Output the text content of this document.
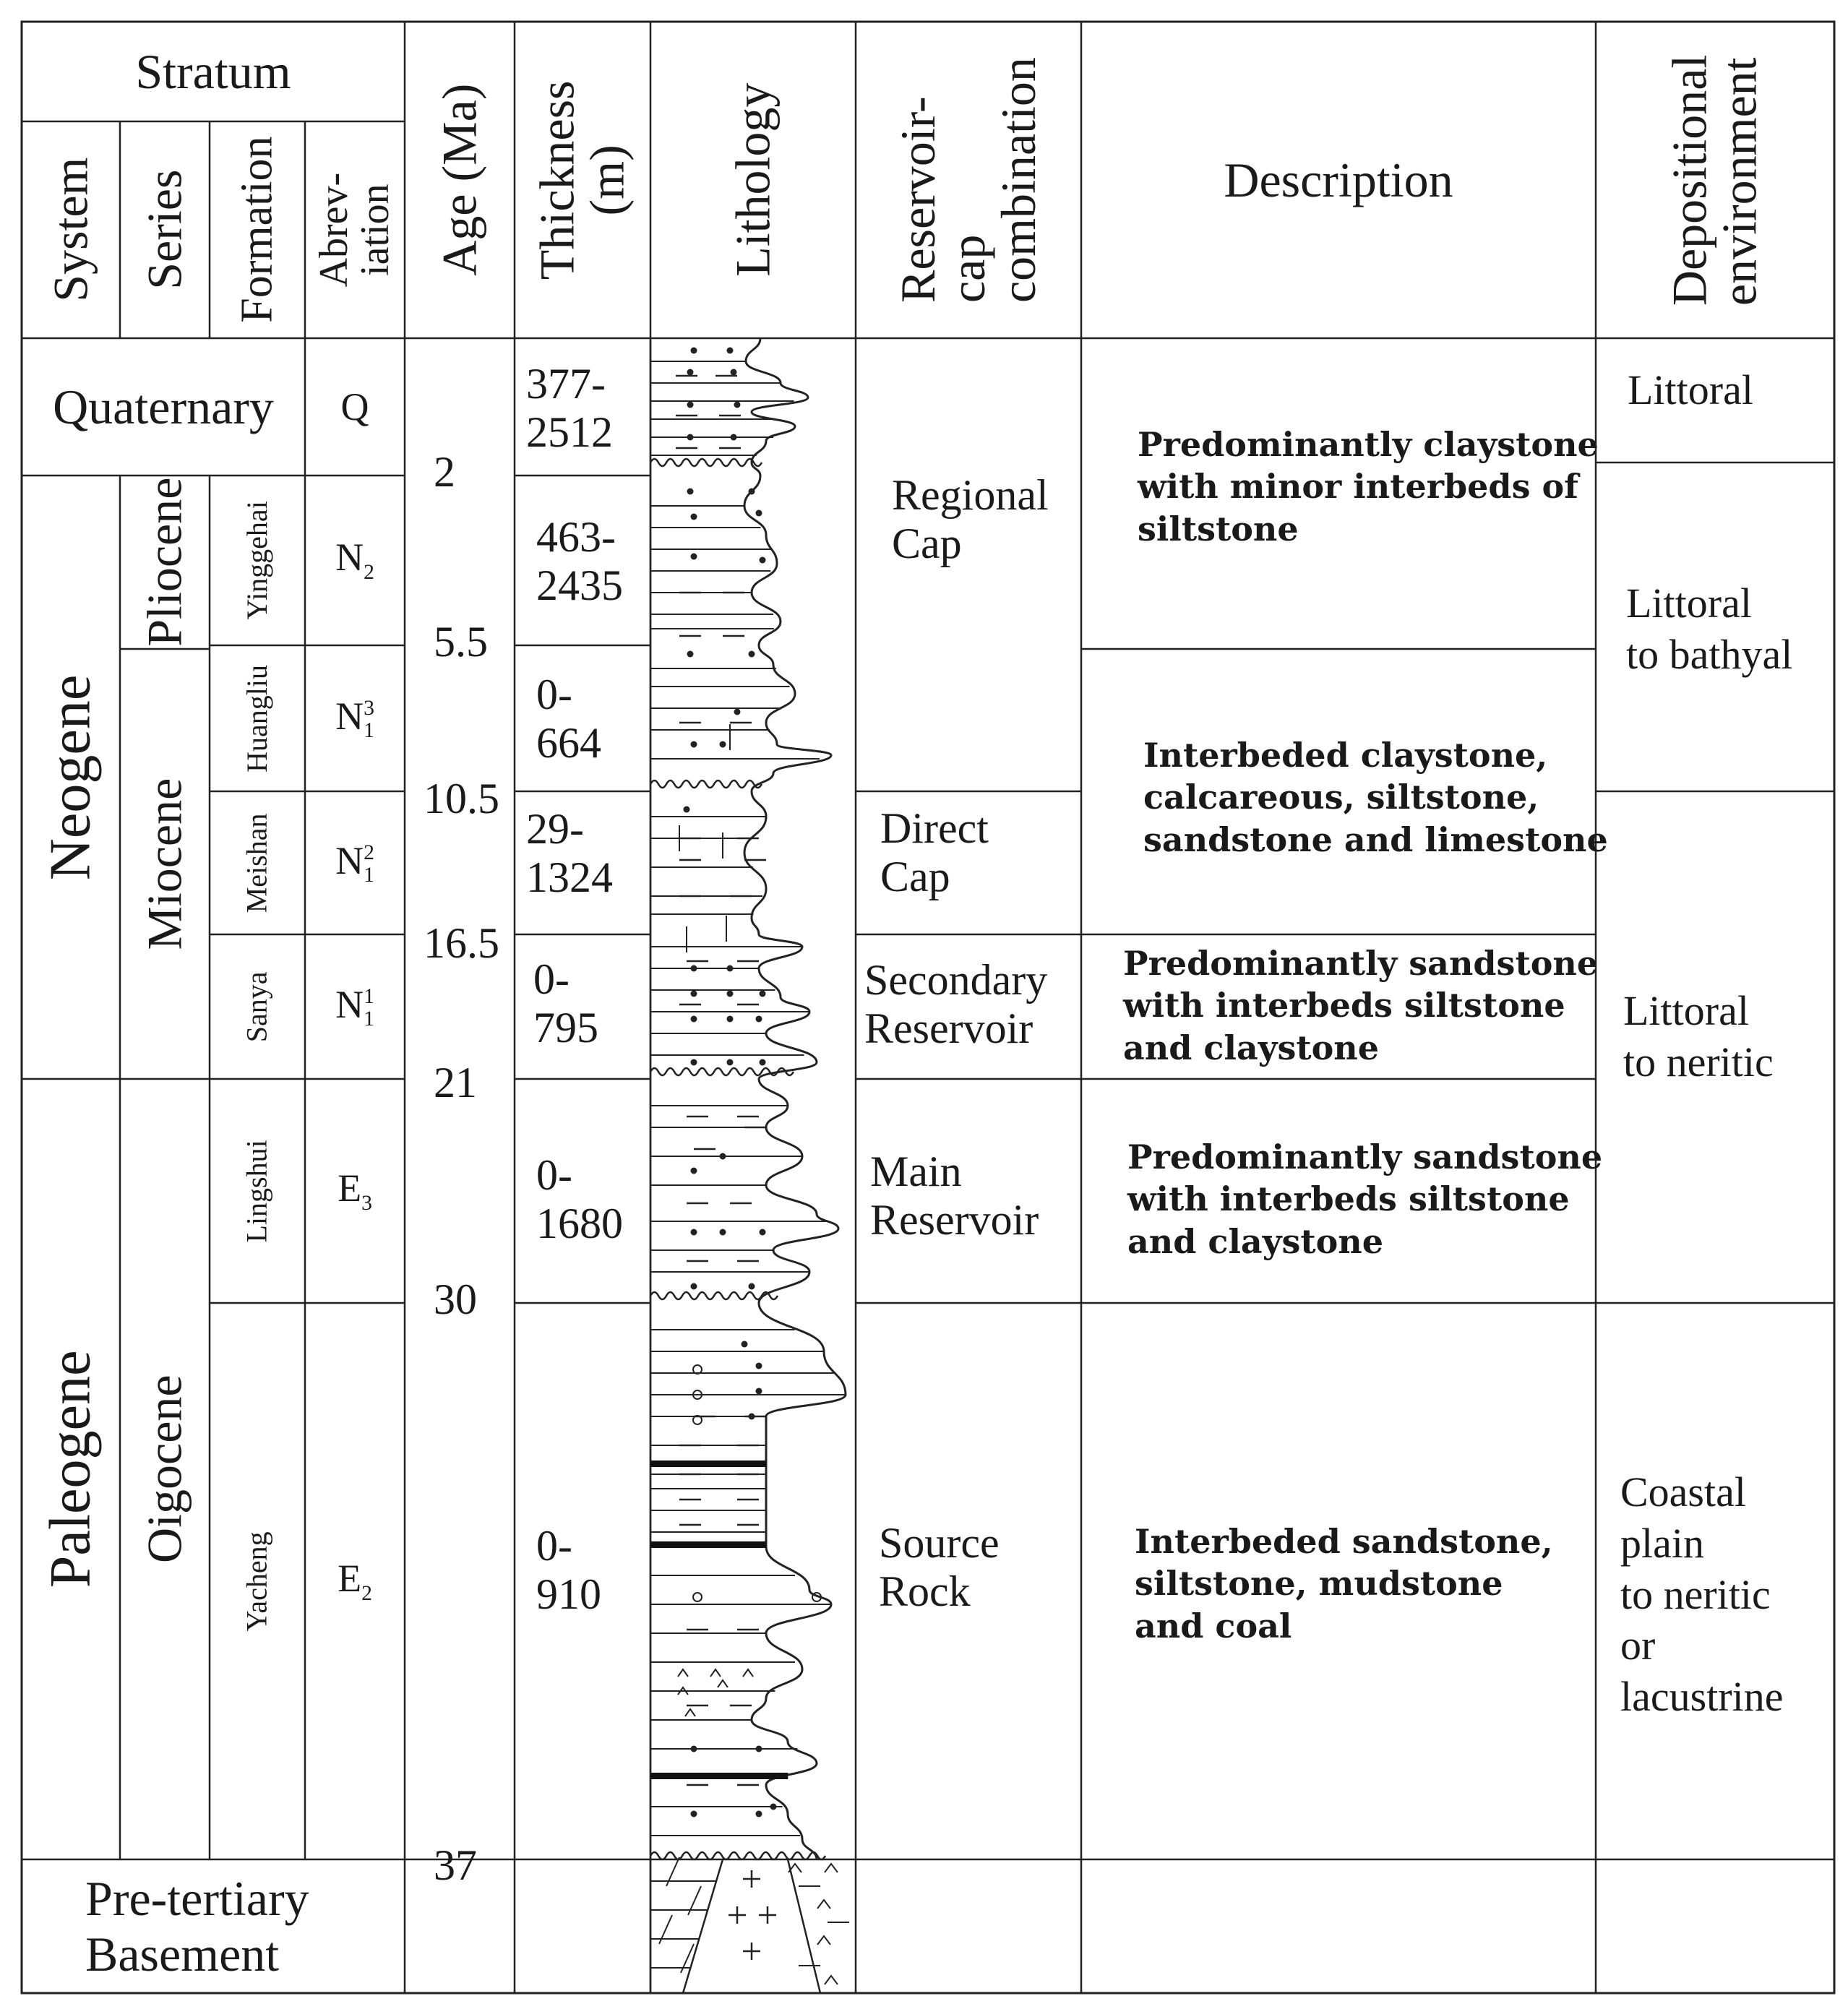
Stratum
System Series Formation Abrev-
iation Age (Ma) Thickness
(m) Lithology Reservoir-
cap
combination	Description	Depositional
environment
Quaternary
Neogene
Paleogene
Pre-tertiary
Basement
Pliocene
Miocene
Oigocene
Yinggehai
Huangliu
Meishan
Sanya
Lingshui
Yacheng
Q
$N_2$
N 3
1
N 2
1
N 1
1
$E_3$
$E_2$
2
5.5
10.5
16.5
21
30
37
377-
2512
463-
2435
0-
664
29-
1324
0-
795
0-
1680
0-
910
Regional
Cap
Direct
Cap
Secondary
Reservoir
Main
Reservoir
Source
Rock
Predominantly claystone
with minor interbeds of
siltstone
Interbeded claystone,
calcareous, siltstone,
sandstone and limestone
Predominantly sandstone
with interbeds siltstone
and claystone
Predominantly sandstone
with interbeds siltstone
and claystone
Interbeded sandstone,
siltstone, mudstone
and coal
Littoral
Littoral
to bathyal
Littoral
to neritic
Coastal
plain
to neritic
or
lacustrine
